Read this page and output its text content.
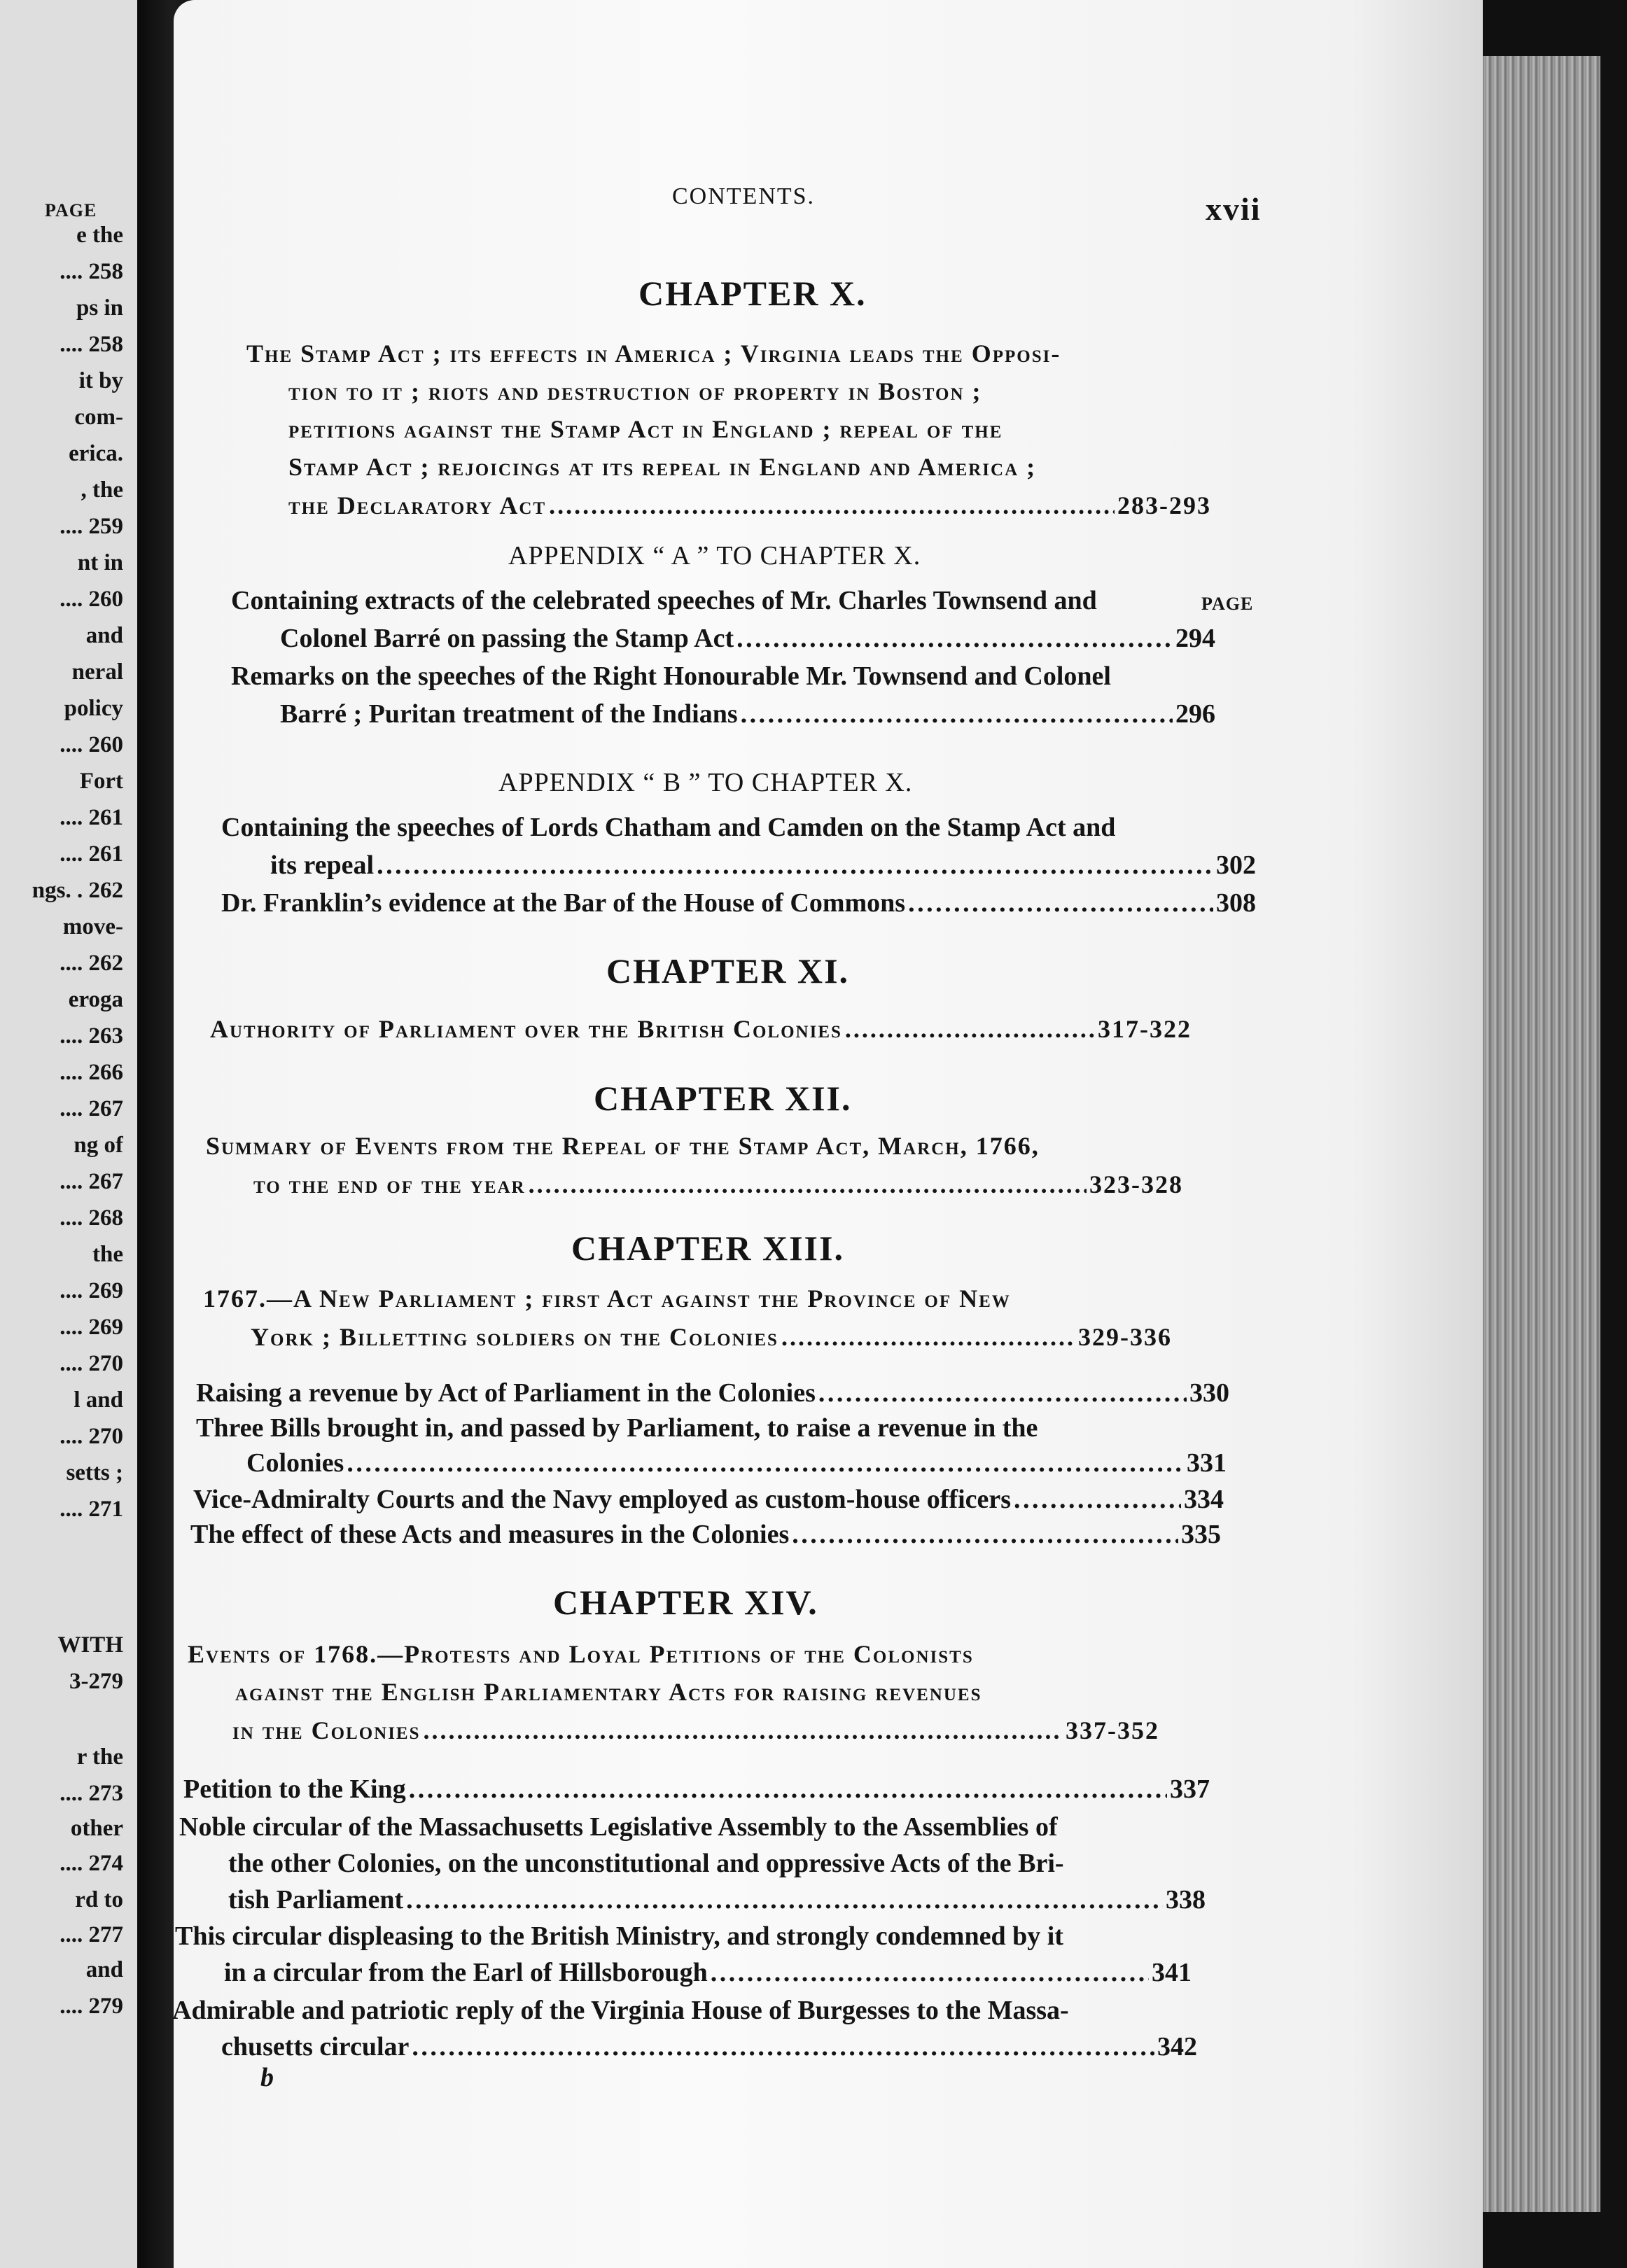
PAGE
e the
.... 258
ps in
.... 258
it by
com-
erica.
, the
.... 259
nt in
.... 260
and
neral
policy
.... 260
Fort
.... 261
.... 261
ngs. . 262
move-
.... 262
eroga
.... 263
.... 266
.... 267
ng of
.... 267
.... 268
the
.... 269
.... 269
.... 270
l and
.... 270
setts ;
.... 271
WITH
3-279
r the
.... 273
other
.... 274
rd to
.... 277
and
.... 279
CONTENTS.	xvii
CHAPTER X.
The Stamp Act ; its effects in America ; Virginia leads the Opposi-
tion to it ; riots and destruction of property in Boston ;
petitions against the Stamp Act in England ; repeal of the
Stamp Act ; rejoicings at its repeal in England and America ;
the Declaratory Act . . .	283-293
APPENDIX “ A ” TO CHAPTER X.
PAGE
Containing extracts of the celebrated speeches of Mr. Charles Townsend and
Colonel Barré on passing the Stamp Act . . .	294
Remarks on the speeches of the Right Honourable Mr. Townsend and Colonel
Barré ; Puritan treatment of the Indians . . .	296
APPENDIX “ B ” TO CHAPTER X.
Containing the speeches of Lords Chatham and Camden on the Stamp Act and
its repeal . . .	302
Dr. Franklin’s evidence at the Bar of the House of Commons . . .	308
CHAPTER XI.
Authority of Parliament over the British Colonies . . .	317-322
CHAPTER XII.
Summary of Events from the Repeal of the Stamp Act, March, 1766,
to the end of the year . . .	323-328
CHAPTER XIII.
1767.—A New Parliament ; first Act against the Province of New
York ; Billetting soldiers on the Colonies . . .	329-336
Raising a revenue by Act of Parliament in the Colonies . . .	330
Three Bills brought in, and passed by Parliament, to raise a revenue in the
Colonies . . .	331
Vice-Admiralty Courts and the Navy employed as custom-house officers . . .	334
The effect of these Acts and measures in the Colonies . . .	335
CHAPTER XIV.
Events of 1768.—Protests and Loyal Petitions of the Colonists
against the English Parliamentary Acts for raising revenues
in the Colonies . . .	337-352
Petition to the King . . .	337
Noble circular of the Massachusetts Legislative Assembly to the Assemblies of
the other Colonies, on the unconstitutional and oppressive Acts of the Bri-
tish Parliament . . .	338
This circular displeasing to the British Ministry, and strongly condemned by it
in a circular from the Earl of Hillsborough . . .	341
Admirable and patriotic reply of the Virginia House of Burgesses to the Massa-
chusetts circular . . .	342
b
